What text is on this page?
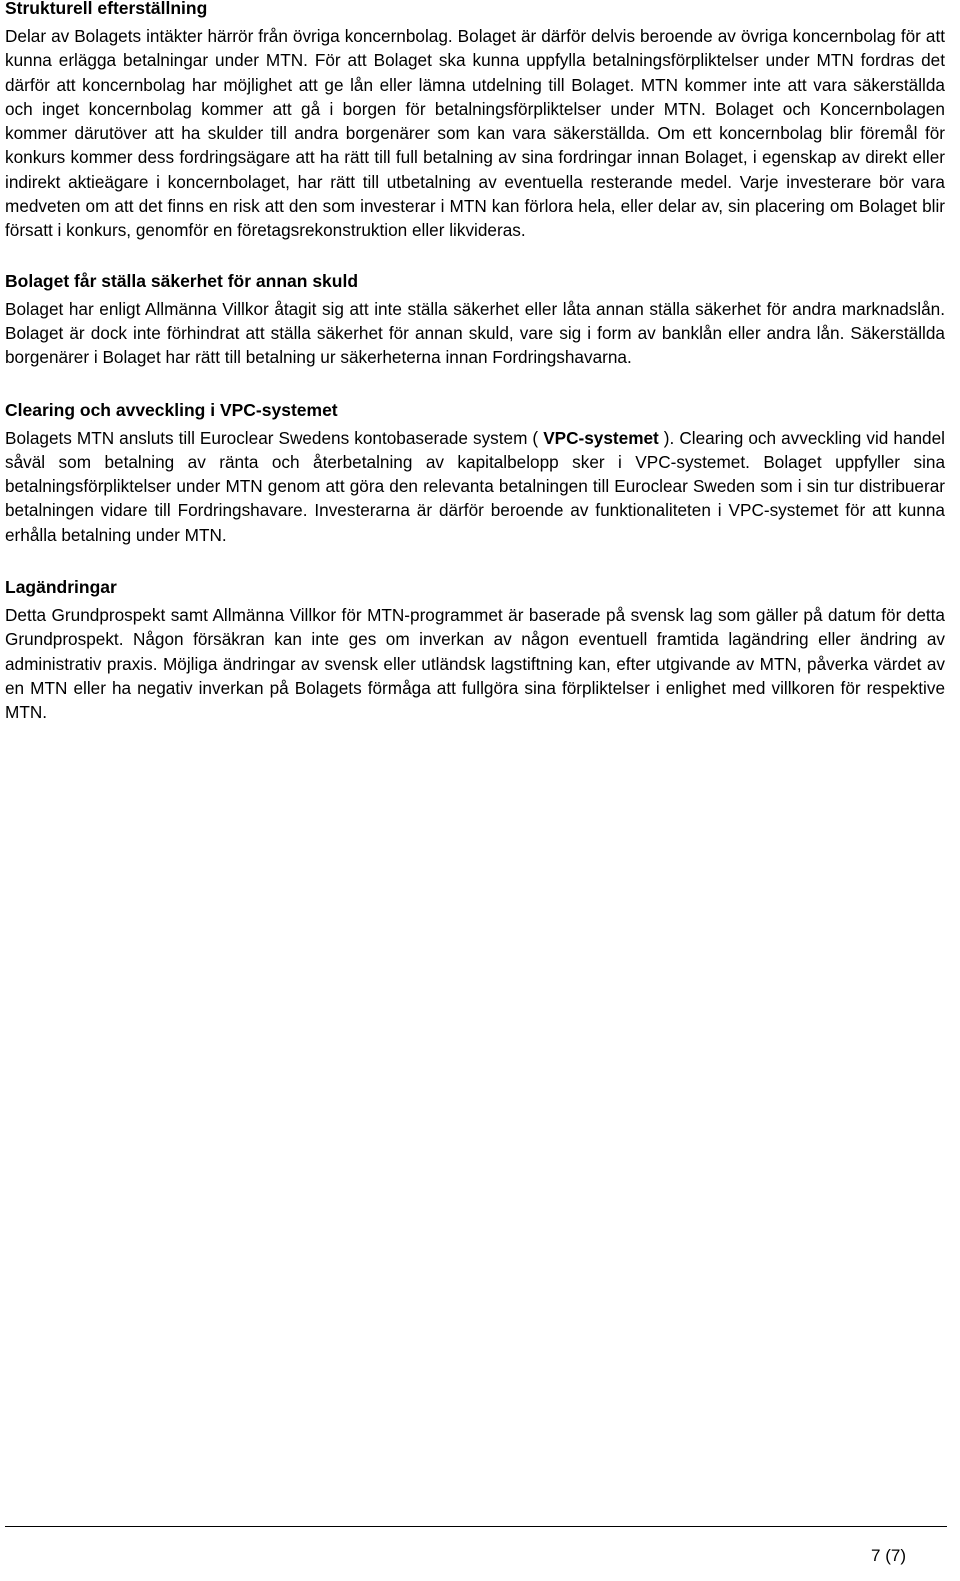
Strukturell efterställning

Delar av Bolagets intäkter härrör från övriga koncernbolag. Bolaget är därför delvis beroende av övriga koncernbolag för att kunna erlägga betalningar under MTN. För att Bolaget ska kunna uppfylla betalningsförpliktelser under MTN fordras det därför att koncernbolag har möjlighet att ge lån eller lämna utdelning till Bolaget. MTN kommer inte att vara säkerställda och inget koncernbolag kommer att gå i borgen för betalningsförpliktelser under MTN. Bolaget och Koncernbolagen kommer därutöver att ha skulder till andra borgenärer som kan vara säkerställda. Om ett koncernbolag blir föremål för konkurs kommer dess fordringsägare att ha rätt till full betalning av sina fordringar innan Bolaget, i egenskap av direkt eller indirekt aktieägare i koncernbolaget, har rätt till utbetalning av eventuella resterande medel. Varje investerare bör vara medveten om att det finns en risk att den som investerar i MTN kan förlora hela, eller delar av, sin placering om Bolaget blir försatt i konkurs, genomför en företagsrekonstruktion eller likvideras.

Bolaget får ställa säkerhet för annan skuld

Bolaget har enligt Allmänna Villkor åtagit sig att inte ställa säkerhet eller låta annan ställa säkerhet för andra marknadslån. Bolaget är dock inte förhindrat att ställa säkerhet för annan skuld, vare sig i form av banklån eller andra lån. Säkerställda borgenärer i Bolaget har rätt till betalning ur säkerheterna innan Fordringshavarna.

Clearing och avveckling i VPC-systemet

Bolagets MTN ansluts till Euroclear Swedens kontobaserade system ( VPC-systemet ). Clearing och avveckling vid handel såväl som betalning av ränta och återbetalning av kapitalbelopp sker i VPC-systemet. Bolaget uppfyller sina betalningsförpliktelser under MTN genom att göra den relevanta betalningen till Euroclear Sweden som i sin tur distribuerar betalningen vidare till Fordringshavare. Investerarna är därför beroende av funktionaliteten i VPC-systemet för att kunna erhålla betalning under MTN.

Lagändringar

Detta Grundprospekt samt Allmänna Villkor för MTN-programmet är baserade på svensk lag som gäller på datum för detta Grundprospekt. Någon försäkran kan inte ges om inverkan av någon eventuell framtida lagändring eller ändring av administrativ praxis. Möjliga ändringar av svensk eller utländsk lagstiftning kan, efter utgivande av MTN, påverka värdet av en MTN eller ha negativ inverkan på Bolagets förmåga att fullgöra sina förpliktelser i enlighet med villkoren för respektive MTN.

7 (7)
